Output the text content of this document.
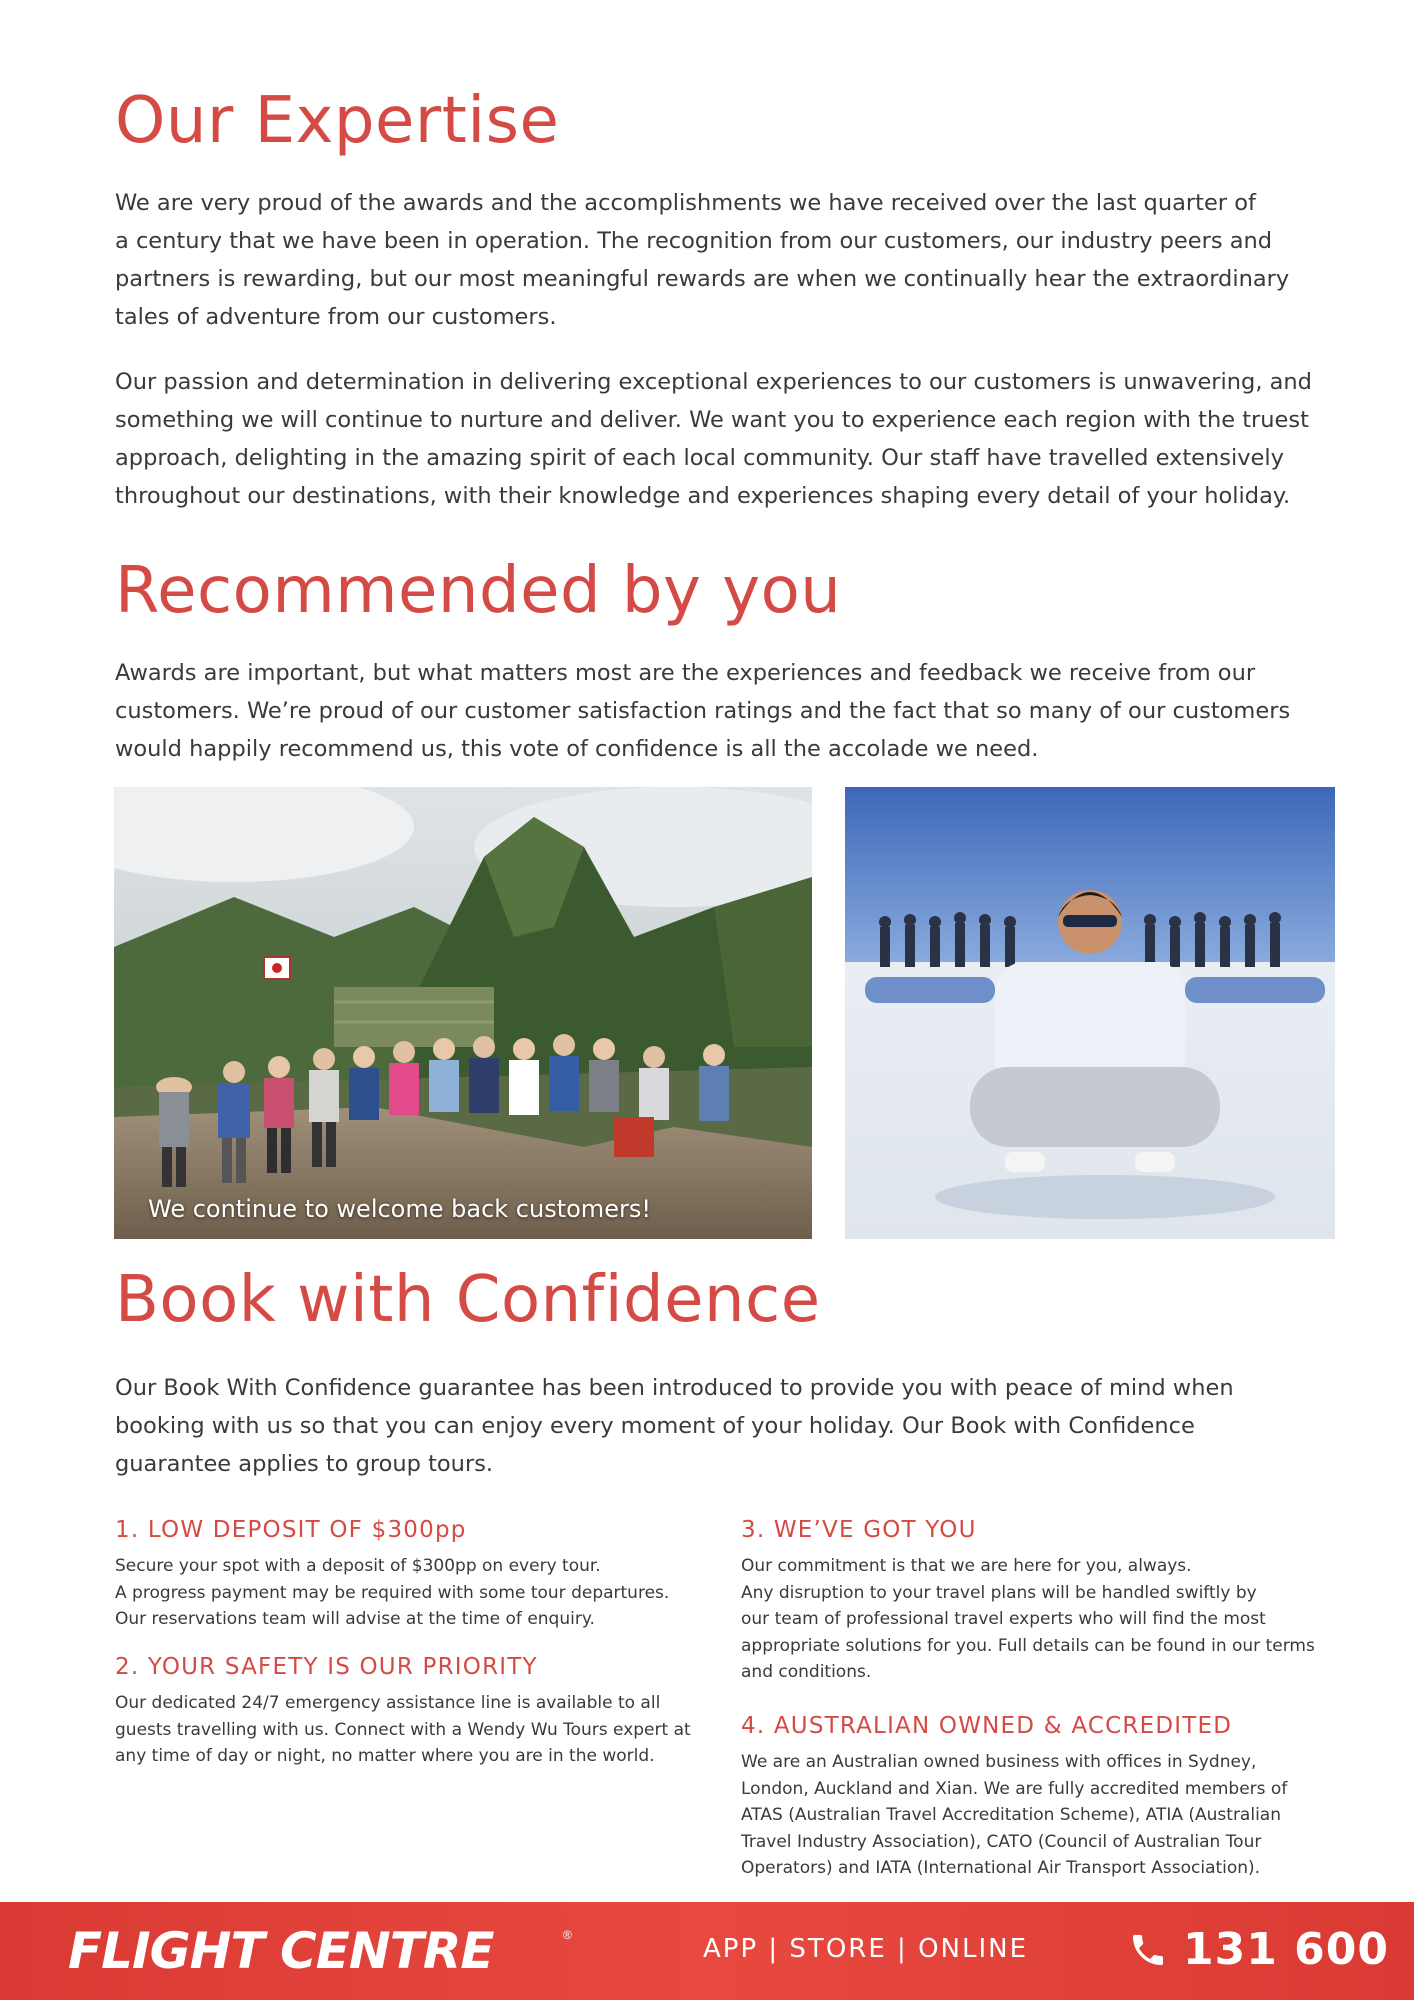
Our Expertise
We are very proud of the awards and the accomplishments we have received over the last quarter of
a century that we have been in operation. The recognition from our customers, our industry peers and
partners is rewarding, but our most meaningful rewards are when we continually hear the extraordinary
tales of adventure from our customers.
Our passion and determination in delivering exceptional experiences to our customers is unwavering, and
something we will continue to nurture and deliver. We want you to experience each region with the truest
approach, delighting in the amazing spirit of each local community. Our staff have travelled extensively
throughout our destinations, with their knowledge and experiences shaping every detail of your holiday.
Recommended by you
Awards are important, but what matters most are the experiences and feedback we receive from our
customers. We’re proud of our customer satisfaction ratings and the fact that so many of our customers
would happily recommend us, this vote of confidence is all the accolade we need.
We continue to welcome back customers!
Book with Confidence
Our Book With Confidence guarantee has been introduced to provide you with peace of mind when
booking with us so that you can enjoy every moment of your holiday. Our Book with Confidence
guarantee applies to group tours.
1. LOW DEPOSIT OF $300pp
Secure your spot with a deposit of $300pp on every tour.
A progress payment may be required with some tour departures.
Our reservations team will advise at the time of enquiry.
2. YOUR SAFETY IS OUR PRIORITY
Our dedicated 24/7 emergency assistance line is available to all
guests travelling with us. Connect with a Wendy Wu Tours expert at
any time of day or night, no matter where you are in the world.
3. WE’VE GOT YOU
Our commitment is that we are here for you, always.
Any disruption to your travel plans will be handled swiftly by
our team of professional travel experts who will find the most
appropriate solutions for you. Full details can be found in our terms
and conditions.
4. AUSTRALIAN OWNED & ACCREDITED
We are an Australian owned business with offices in Sydney,
London, Auckland and Xian. We are fully accredited members of
ATAS (Australian Travel Accreditation Scheme), ATIA (Australian
Travel Industry Association), CATO (Council of Australian Tour
Operators) and IATA (International Air Transport Association).
FLIGHT CENTRE	®	APP | STORE | ONLINE	131 600
